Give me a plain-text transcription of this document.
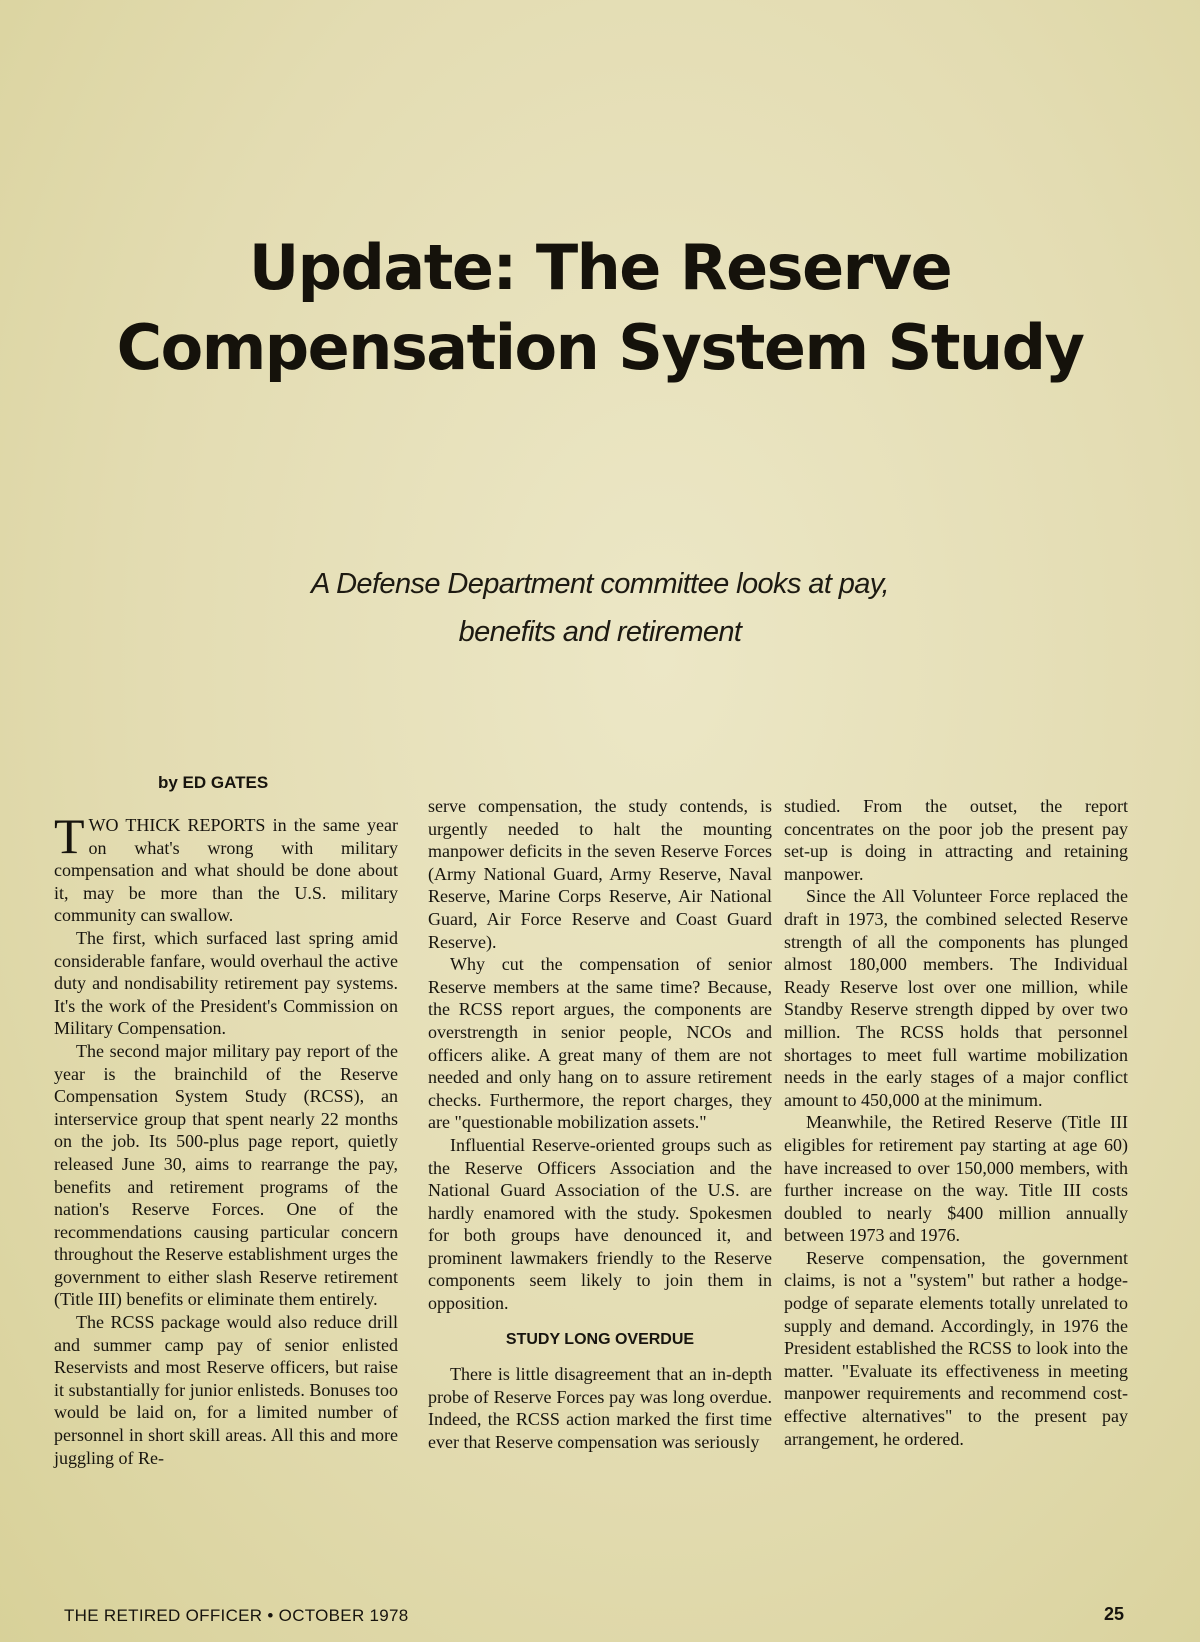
Update: The Reserve
Compensation System Study
A Defense Department committee looks at pay,
benefits and retirement
by ED GATES

TWO THICK REPORTS in the same year on what's wrong with military compensation and what should be done about it, may be more than the U.S. military community can swallow.

The first, which surfaced last spring amid considerable fanfare, would overhaul the active duty and nondisability retirement pay systems. It's the work of the President's Commission on Military Compensation.

The second major military pay report of the year is the brainchild of the Reserve Compensation System Study (RCSS), an interservice group that spent nearly 22 months on the job. Its 500-plus page report, quietly released June 30, aims to rearrange the pay, benefits and retirement programs of the nation's Reserve Forces. One of the recommendations causing particular concern throughout the Reserve establishment urges the government to either slash Reserve retirement (Title III) benefits or eliminate them entirely.

The RCSS package would also reduce drill and summer camp pay of senior enlisted Reservists and most Reserve officers, but raise it substantially for junior enlisteds. Bonuses too would be laid on, for a limited number of personnel in short skill areas. All this and more juggling of Re-

serve compensation, the study contends, is urgently needed to halt the mounting manpower deficits in the seven Reserve Forces (Army National Guard, Army Reserve, Naval Reserve, Marine Corps Reserve, Air National Guard, Air Force Reserve and Coast Guard Reserve).

Why cut the compensation of senior Reserve members at the same time? Because, the RCSS report argues, the components are overstrength in senior people, NCOs and officers alike. A great many of them are not needed and only hang on to assure retirement checks. Furthermore, the report charges, they are "questionable mobilization assets."

Influential Reserve-oriented groups such as the Reserve Officers Association and the National Guard Association of the U.S. are hardly enamored with the study. Spokesmen for both groups have denounced it, and prominent lawmakers friendly to the Reserve components seem likely to join them in opposition.

STUDY LONG OVERDUE

There is little disagreement that an in-depth probe of Reserve Forces pay was long overdue. Indeed, the RCSS action marked the first time ever that Reserve compensation was seriously

studied. From the outset, the report concentrates on the poor job the present pay set-up is doing in attracting and retaining manpower.

Since the All Volunteer Force replaced the draft in 1973, the combined selected Reserve strength of all the components has plunged almost 180,000 members. The Individual Ready Reserve lost over one million, while Standby Reserve strength dipped by over two million. The RCSS holds that personnel shortages to meet full wartime mobilization needs in the early stages of a major conflict amount to 450,000 at the minimum.

Meanwhile, the Retired Reserve (Title III eligibles for retirement pay starting at age 60) have increased to over 150,000 members, with further increase on the way. Title III costs doubled to nearly $400 million annually between 1973 and 1976.

Reserve compensation, the government claims, is not a "system" but rather a hodge-podge of separate elements totally unrelated to supply and demand. Accordingly, in 1976 the President established the RCSS to look into the matter. "Evaluate its effectiveness in meeting manpower requirements and recommend cost-effective alternatives" to the present pay arrangement, he ordered.

THE RETIRED OFFICER • OCTOBER 1978	25
